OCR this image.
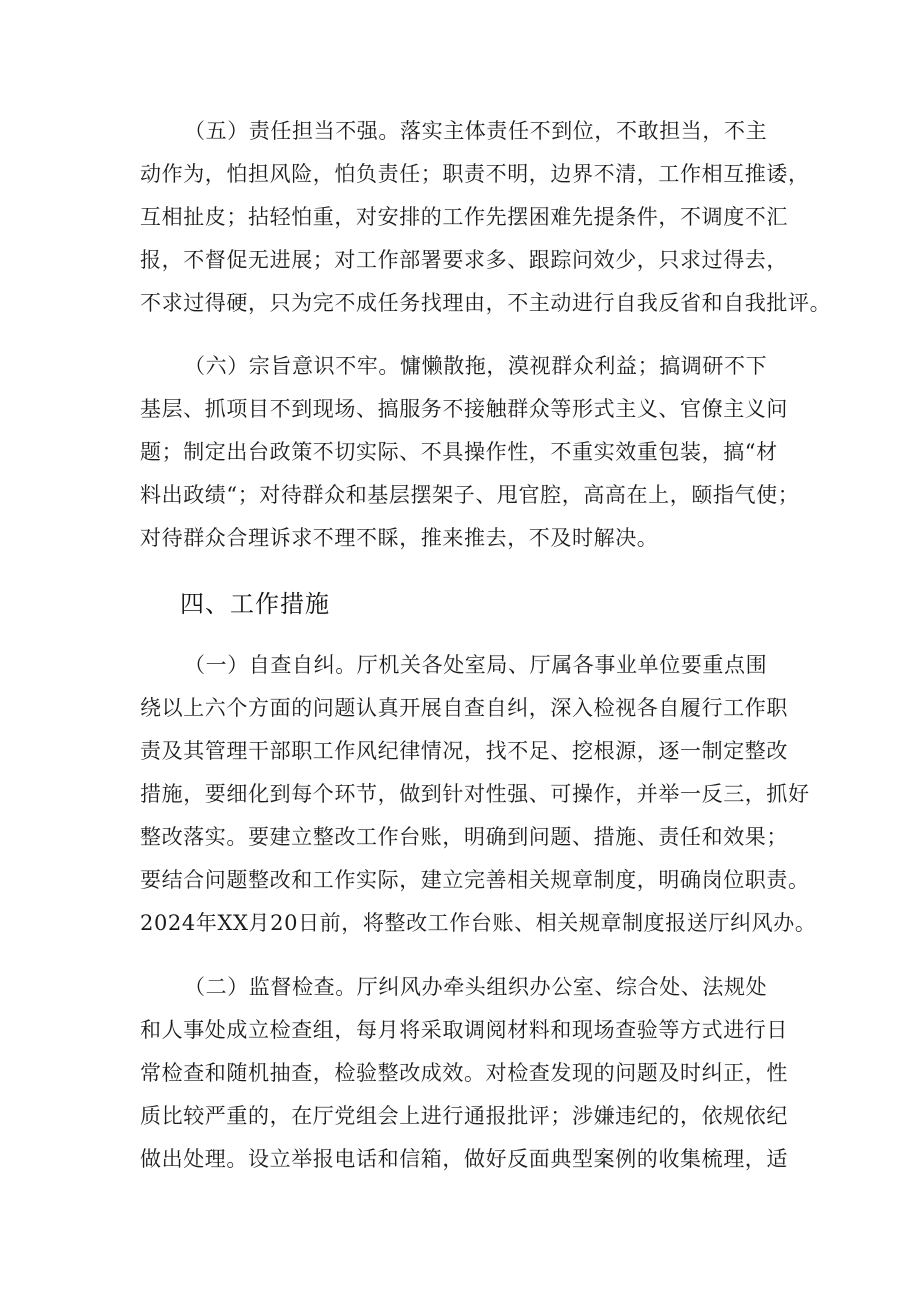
（五）责任担当不强。落实主体责任不到位，不敢担当，不主
动作为，怕担风险，怕负责任；职责不明，边界不清，工作相互推诿，
互相扯皮；拈轻怕重，对安排的工作先摆困难先提条件，不调度不汇
报，不督促无进展；对工作部署要求多、跟踪问效少，只求过得去，
不求过得硬，只为完不成任务找理由，不主动进行自我反省和自我批评。
（六）宗旨意识不牢。慵懒散拖，漠视群众利益；搞调研不下
基层、抓项目不到现场、搞服务不接触群众等形式主义、官僚主义问
题；制定出台政策不切实际、不具操作性，不重实效重包装，搞“材
料出政绩“；对待群众和基层摆架子、甩官腔，高高在上，颐指气使；
对待群众合理诉求不理不睬，推来推去，不及时解决。
四、工作措施
（一）自查自纠。厅机关各处室局、厅属各事业单位要重点围
绕以上六个方面的问题认真开展自查自纠，深入检视各自履行工作职
责及其管理干部职工作风纪律情况，找不足、挖根源，逐一制定整改
措施，要细化到每个环节，做到针对性强、可操作，并举一反三，抓好
整改落实。要建立整改工作台账，明确到问题、措施、责任和效果；
要结合问题整改和工作实际，建立完善相关规章制度，明确岗位职责。
2024年XX月20日前，将整改工作台账、相关规章制度报送厅纠风办。
（二）监督检查。厅纠风办牵头组织办公室、综合处、法规处
和人事处成立检查组，每月将采取调阅材料和现场查验等方式进行日
常检查和随机抽查，检验整改成效。对检查发现的问题及时纠正，性
质比较严重的，在厅党组会上进行通报批评；涉嫌违纪的，依规依纪
做出处理。设立举报电话和信箱，做好反面典型案例的收集梳理，适
